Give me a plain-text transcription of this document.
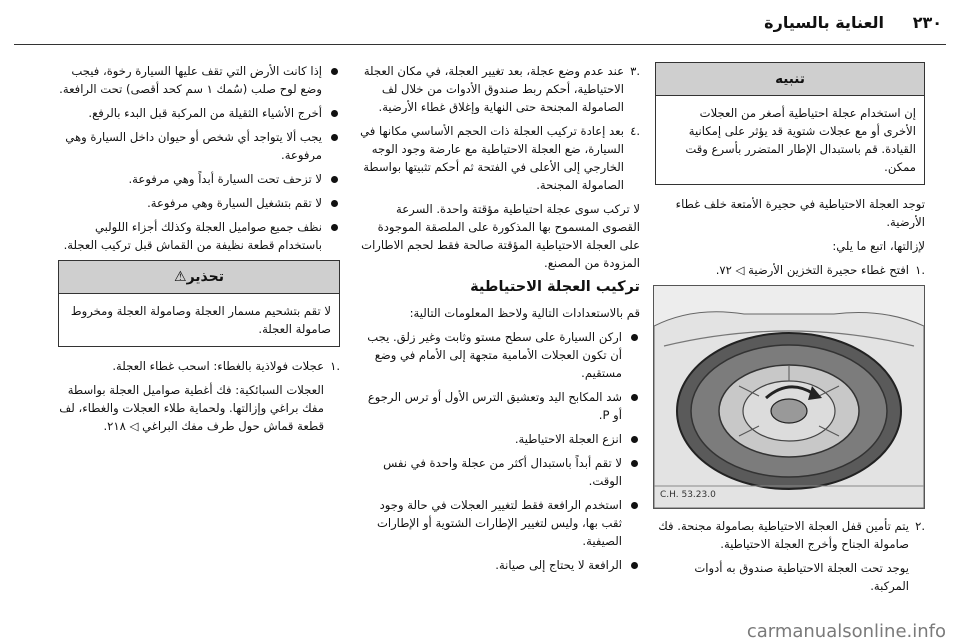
٢٣٠
العناية بالسيارة
تنبيه
إن استخدام عجلة احتياطية أصغر من العجلات الأخرى أو مع عجلات شتوية قد يؤثر على إمكانية القيادة. قم باستبدال الإطار المتضرر بأسرع وقت ممكن.

توجد العجلة الاحتياطية في حجيرة الأمتعة خلف غطاء الأرضية.

لإزالتها، اتبع ما يلي:

.١
افتح غطاء حجيرة التخزين الأرضية ◁ ٧٢.

C.H. 53.23.0

.٢
يتم تأمين قفل العجلة الاحتياطية بصامولة مجنحة. فك صامولة الجناح وأخرج العجلة الاحتياطية.

يوجد تحت العجلة الاحتياطية صندوق به أدوات المركبة.

.٣
عند عدم وضع عجلة، بعد تغيير العجلة، في مكان العجلة الاحتياطية، أحكم ربط صندوق الأدوات من خلال لف الصامولة المجنحة حتى النهاية وإغلاق غطاء الأرضية.

.٤
بعد إعادة تركيب العجلة ذات الحجم الأساسي مكانها في السيارة، ضع العجلة الاحتياطية مع عارضة وجود الوجه الخارجي إلى الأعلى في الفتحة ثم أحكم تثبيتها بواسطة الصامولة المجنحة.

لا تركب سوى عجلة احتياطية مؤقتة واحدة. السرعة القصوى المسموح بها المذكورة على الملصقة الموجودة على العجلة الاحتياطية المؤقتة صالحة فقط لحجم الاطارات المزودة من المصنع.

تركيب العجلة الاحتياطية

قم بالاستعدادات التالية ولاحظ المعلومات التالية:

اركن السيارة على سطح مستو وثابت وغير زلق. يجب أن تكون العجلات الأمامية متجهة إلى الأمام في وضع مستقيم.

شد المكابح اليد وتعشيق الترس الأول أو ترس الرجوع أو P.

انزع العجلة الاحتياطية.

لا تقم أبداً باستبدال أكثر من عجلة واحدة في نفس الوقت.

استخدم الرافعة فقط لتغيير العجلات في حالة وجود ثقب بها، وليس لتغيير الإطارات الشتوية أو الإطارات الصيفية.

الرافعة لا يحتاج إلى صيانة.

إذا كانت الأرض التي تقف عليها السيارة رخوة، فيجب وضع لوح صلب (سُمك ١ سم كحد أقصى) تحت الرافعة.

أخرج الأشياء الثقيلة من المركبة قبل البدء بالرفع.

يجب ألا يتواجد أي شخص أو حيوان داخل السيارة وهي مرفوعة.

لا تزحف تحت السيارة أبداً وهي مرفوعة.

لا تقم بتشغيل السيارة وهي مرفوعة.

نظف جميع صواميل العجلة وكذلك أجزاء اللولبي باستخدام قطعة نظيفة من القماش قبل تركيب العجلة.

تحذير⚠
لا تقم بتشحيم مسمار العجلة وصامولة العجلة ومخروط صامولة العجلة.

.١
عجلات فولاذية بالغطاء: اسحب غطاء العجلة.

العجلات السبائكية: فك أغطية صواميل العجلة بواسطة مفك براغي وإزالتها. ولحماية طلاء العجلات والغطاء، لف قطعة قماش حول طرف مفك البراغي ◁ ٢١٨.

carmanualsonline.info
